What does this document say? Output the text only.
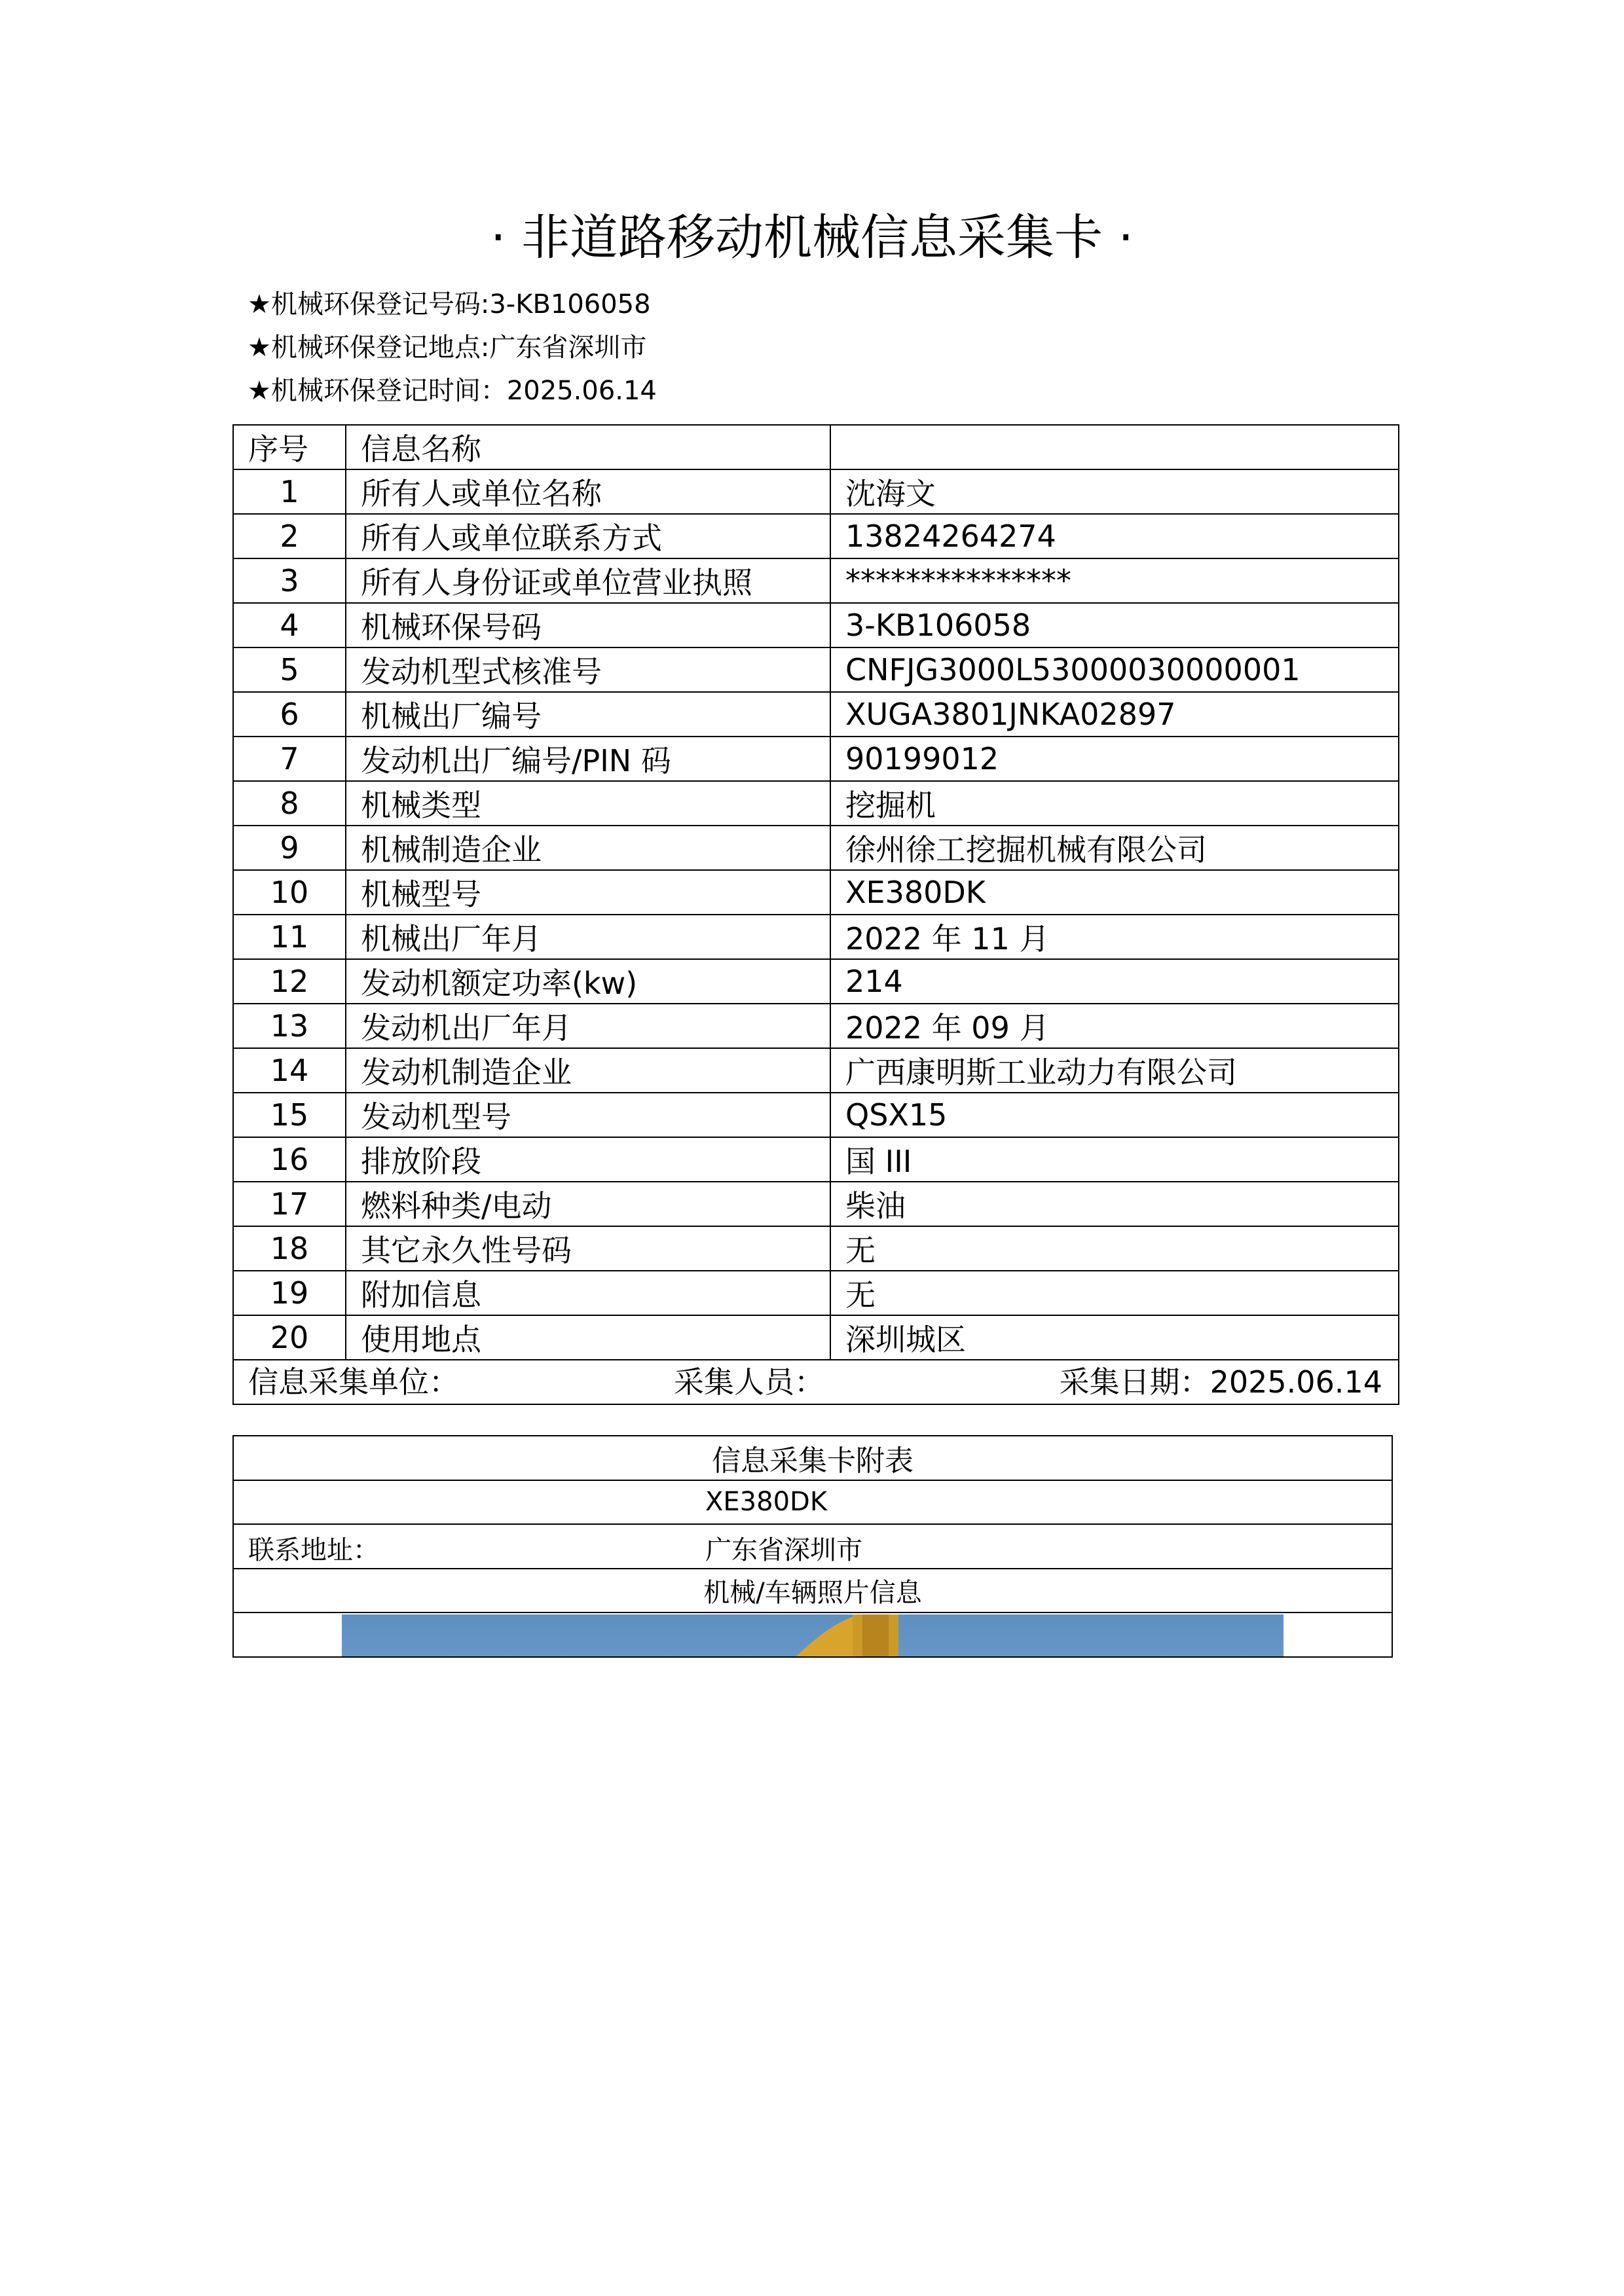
· 非道路移动机械信息采集卡 ·
★机械环保登记号码:3-KB106058
★机械环保登记地点:广东省深圳市
★机械环保登记时间：2025.06.14
序号	信息名称	
1	所有人或单位名称	沈海文
2	所有人或单位联系方式	13824264274
3	所有人身份证或单位营业执照	***************
4	机械环保号码	3-KB106058
5	发动机型式核准号	CNFJG3000L53000030000001
6	机械出厂编号	XUGA3801JNKA02897
7	发动机出厂编号/PIN 码	90199012
8	机械类型	挖掘机
9	机械制造企业	徐州徐工挖掘机械有限公司
10	机械型号	XE380DK
11	机械出厂年月	2022 年 11 月
12	发动机额定功率(kw)	214
13	发动机出厂年月	2022 年 09 月
14	发动机制造企业	广西康明斯工业动力有限公司
15	发动机型号	QSX15
16	排放阶段	国 III
17	燃料种类/电动	柴油
18	其它永久性号码	无
19	附加信息	无
20	使用地点	深圳城区

信息采集单位： 采集人员： 采集日期：2025.06.14		
信息采集卡附表
XE380DK

联系地址：	广东省深圳市

机械/车辆照片信息

XCMG
